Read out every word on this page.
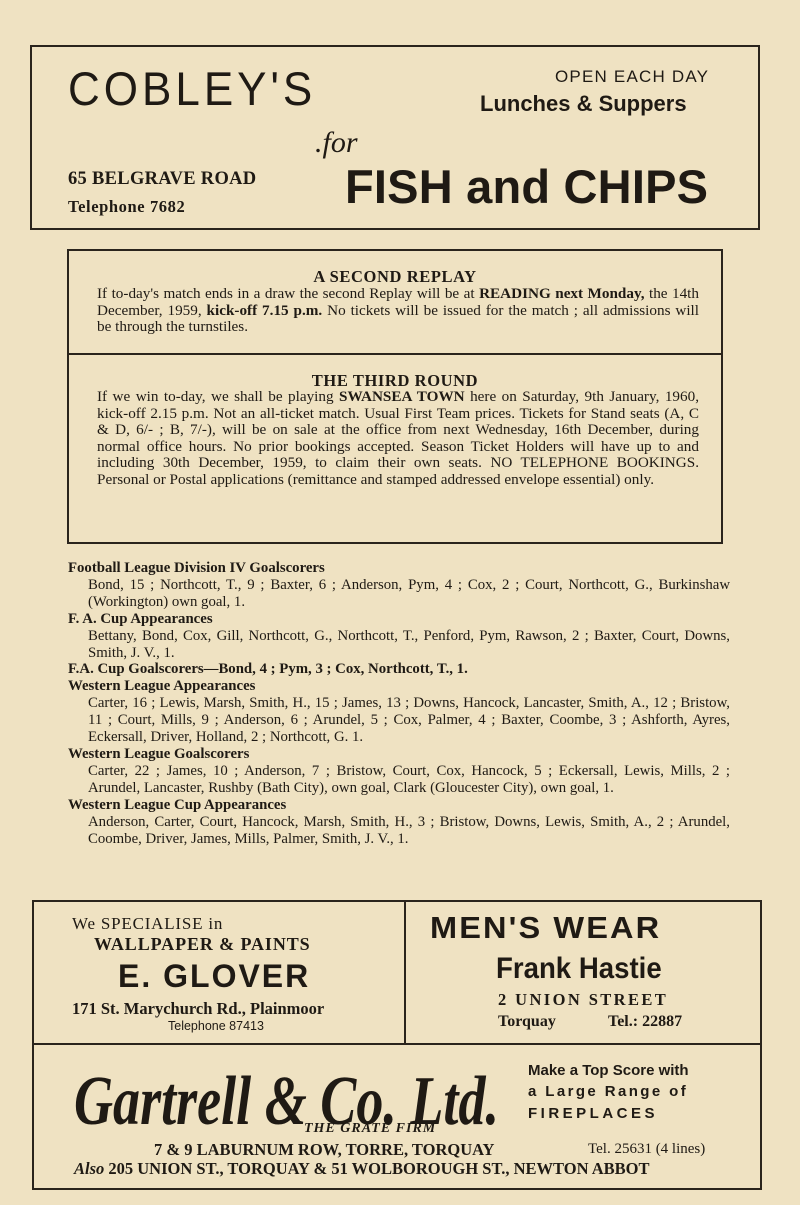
COBLEY'S	OPEN EACH DAY
Lunches & Suppers
.for
65 BELGRAVE ROAD
Telephone 7682	FISH and CHIPS
A SECOND REPLAY
If to-day's match ends in a draw the second Replay will be at READING next Monday, the 14th December, 1959, kick-off 7.15 p.m. No tickets will be issued for the match ; all admissions will be through the turnstiles.
THE THIRD ROUND
If we win to-day, we shall be playing SWANSEA TOWN here on Saturday, 9th January, 1960, kick-off 2.15 p.m. Not an all-ticket match. Usual First Team prices. Tickets for Stand seats (A, C & D, 6/- ; B, 7/-), will be on sale at the office from next Wednesday, 16th December, during normal office hours. No prior bookings accepted. Season Ticket Holders will have up to and including 30th December, 1959, to claim their own seats. NO TELEPHONE BOOKINGS. Personal or Postal applications (remittance and stamped addressed envelope essential) only.
Football League Division IV Goalscorers
Bond, 15 ; Northcott, T., 9 ; Baxter, 6 ; Anderson, Pym, 4 ; Cox, 2 ; Court, Northcott, G., Burkinshaw (Workington) own goal, 1.
F. A. Cup Appearances
Bettany, Bond, Cox, Gill, Northcott, G., Northcott, T., Penford, Pym, Rawson, 2 ; Baxter, Court, Downs, Smith, J. V., 1.
F.A. Cup Goalscorers—Bond, 4 ; Pym, 3 ; Cox, Northcott, T., 1.
Western League Appearances
Carter, 16 ; Lewis, Marsh, Smith, H., 15 ; James, 13 ; Downs, Hancock, Lancaster, Smith, A., 12 ; Bristow, 11 ; Court, Mills, 9 ; Anderson, 6 ; Arundel, 5 ; Cox, Palmer, 4 ; Baxter, Coombe, 3 ; Ashforth, Ayres, Eckersall, Driver, Holland, 2 ; Northcott, G. 1.
Western League Goalscorers
Carter, 22 ; James, 10 ; Anderson, 7 ; Bristow, Court, Cox, Hancock, 5 ; Eckersall, Lewis, Mills, 2 ; Arundel, Lancaster, Rushby (Bath City), own goal, Clark (Gloucester City), own goal, 1.
Western League Cup Appearances
Anderson, Carter, Court, Hancock, Marsh, Smith, H., 3 ; Bristow, Downs, Lewis, Smith, A., 2 ; Arundel, Coombe, Driver, James, Mills, Palmer, Smith, J. V., 1.
We SPECIALISE in
WALLPAPER & PAINTS
E. GLOVER
171 St. Marychurch Rd., Plainmoor
Telephone 87413
MEN'S WEAR
Frank Hastie
2 UNION STREET
Torquay	Tel.: 22887
Gartrell & Co. Ltd. Make a Top Score with
a Large Range of
FIREPLACES
THE GRATE FIRM
7 & 9 LABURNUM ROW, TORRE, TORQUAY	Tel. 25631 (4 lines)
Also 205 UNION ST., TORQUAY & 51 WOLBOROUGH ST., NEWTON ABBOT
